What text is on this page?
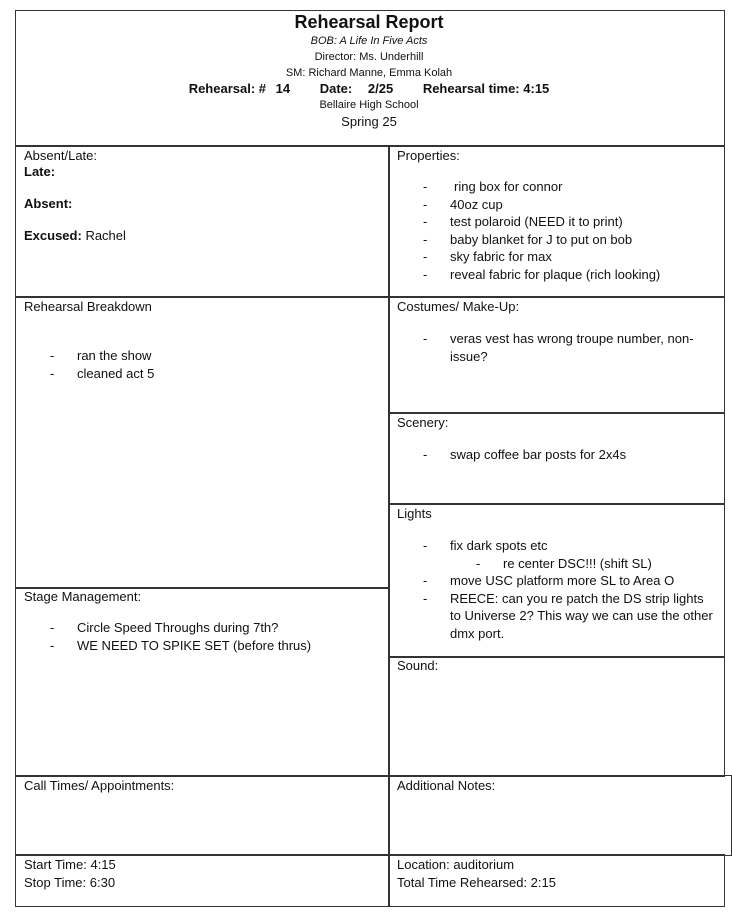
Rehearsal Report
BOB: A Life In Five Acts
Director: Ms. Underhill
SM: Richard Manne, Emma Kolah
Rehearsal: # 14 Date: 2/25 Rehearsal time: 4:15
Bellaire High School
Spring 25
Absent/Late:
Late:
Absent:
Excused: Rachel
Properties:
- ring box for connor
- 40oz cup
- test polaroid (NEED it to print)
- baby blanket for J to put on bob
- sky fabric for max
- reveal fabric for plaque (rich looking)
Rehearsal Breakdown
- ran the show
- cleaned act 5
Costumes/ Make-Up:
- veras vest has wrong troupe number, non-issue?
Scenery:
- swap coffee bar posts for 2x4s
Lights
- fix dark spots etc
- re center DSC!!! (shift SL)
- move USC platform more SL to Area O
- REECE: can you re patch the DS strip lights to Universe 2? This way we can use the other dmx port.
Stage Management:
- Circle Speed Throughs during 7th?
- WE NEED TO SPIKE SET (before thrus)
Sound:
Call Times/ Appointments:	Additional Notes:
Start Time: 4:15
Stop Time: 6:30
Location: auditorium
Total Time Rehearsed: 2:15
